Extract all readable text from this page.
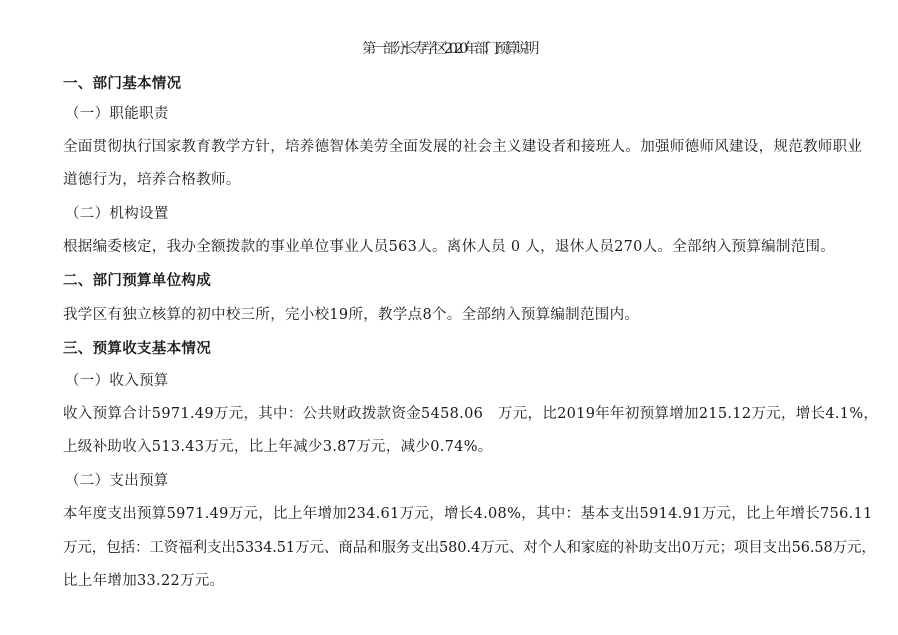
第一部分长寿学区2020年部门预算说明
一、部门基本情况
（一）职能职责
全面贯彻执行国家教育教学方针，培养德智体美劳全面发展的社会主义建设者和接班人。加强师德师风建设，规范教师职业
道德行为，培养合格教师。
（二）机构设置
根据编委核定，我办全额拨款的事业单位事业人员563人。离休人员 0 人，退休人员270人。全部纳入预算编制范围。
二、部门预算单位构成
我学区有独立核算的初中校三所，完小校19所，教学点8个。全部纳入预算编制范围内。
三、预算收支基本情况
（一）收入预算
收入预算合计5971.49万元，其中：公共财政拨款资金5458.06　万元，比2019年年初预算增加215.12万元，增长4.1%，
上级补助收入513.43万元，比上年减少3.87万元，减少0.74%。
（二）支出预算
本年度支出预算5971.49万元，比上年增加234.61万元，增长4.08%，其中：基本支出5914.91万元，比上年增长756.11
万元，包括：工资福利支出5334.51万元、商品和服务支出580.4万元、对个人和家庭的补助支出0万元；项目支出56.58万元，
比上年增加33.22万元。
